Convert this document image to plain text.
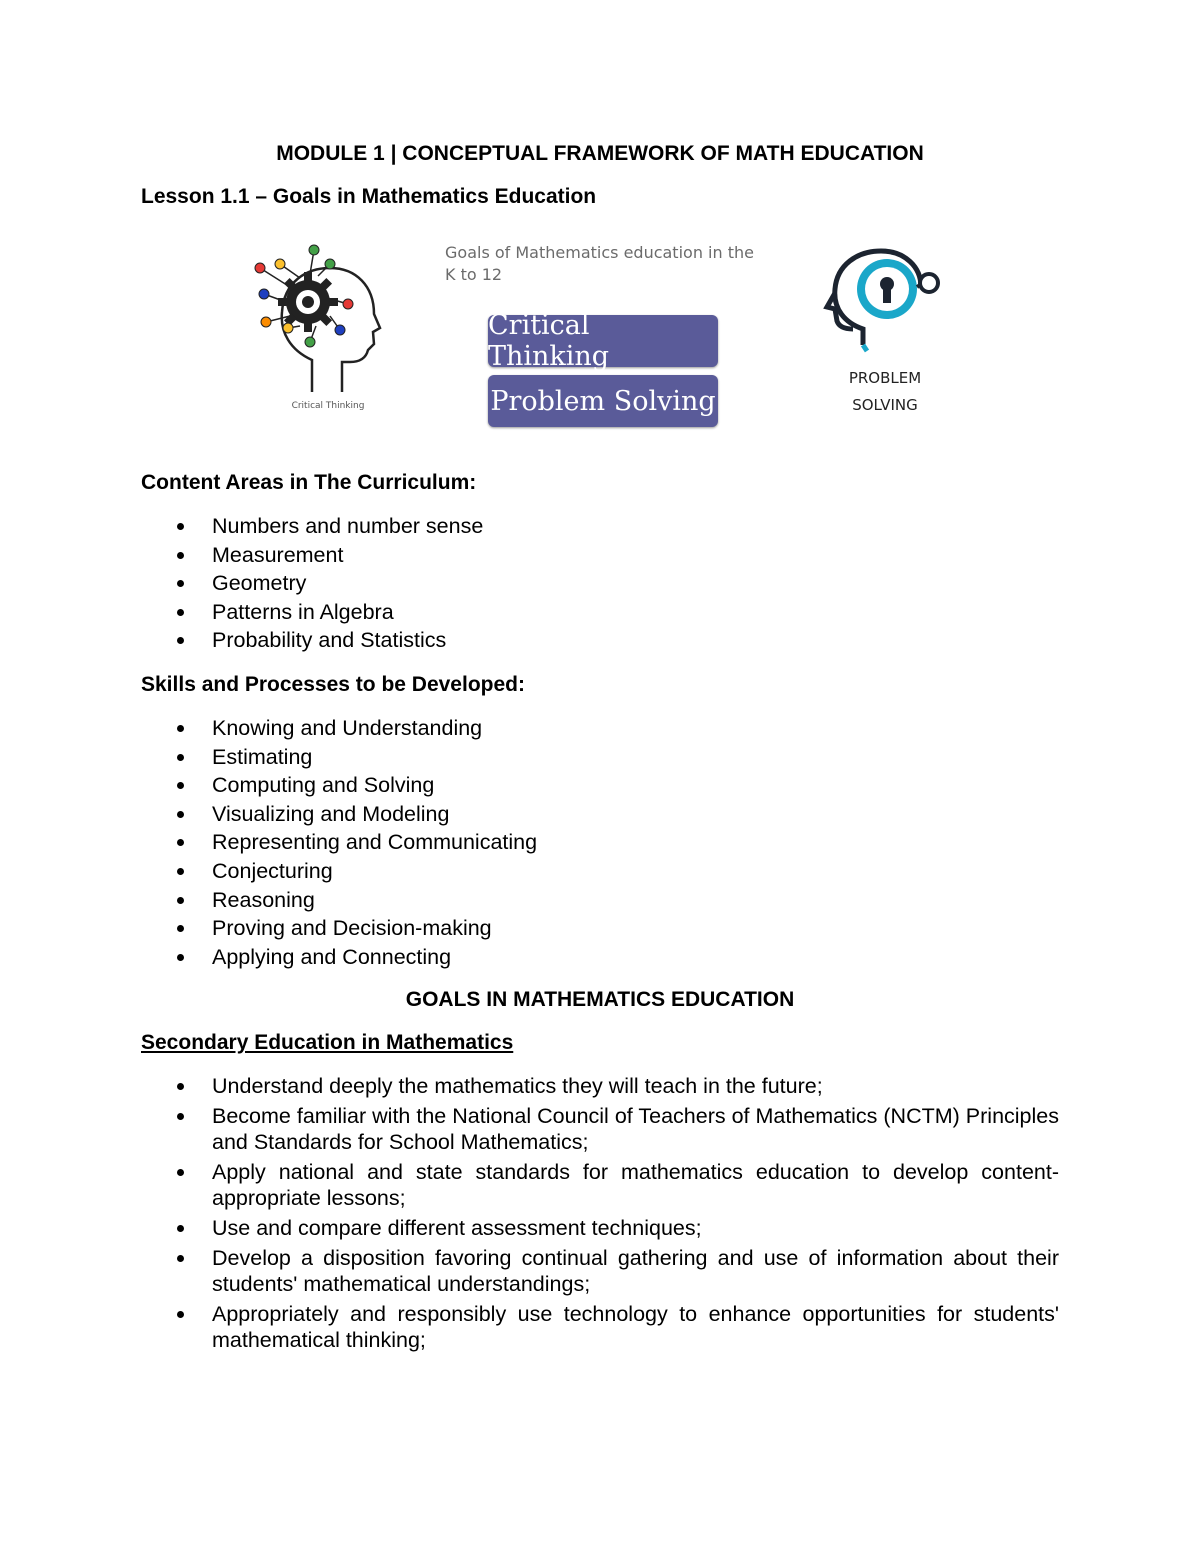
MODULE 1 | CONCEPTUAL FRAMEWORK OF MATH EDUCATION
Lesson 1.1 – Goals in Mathematics Education
Critical Thinking

Goals of Mathematics education in the K to 12

Critical Thinking
Problem Solving
PROBLEM
SOLVING
Content Areas in The Curriculum:
Numbers and number sense
Measurement
Geometry
Patterns in Algebra
Probability and Statistics
Skills and Processes to be Developed:
Knowing and Understanding
Estimating
Computing and Solving
Visualizing and Modeling
Representing and Communicating
Conjecturing
Reasoning
Proving and Decision-making
Applying and Connecting
GOALS IN MATHEMATICS EDUCATION
Secondary Education in Mathematics
Understand deeply the mathematics they will teach in the future;
Become familiar with the National Council of Teachers of Mathematics (NCTM) Principles and Standards for School Mathematics;
Apply national and state standards for mathematics education to develop content-appropriate lessons;
Use and compare different assessment techniques;
Develop a disposition favoring continual gathering and use of information about their students' mathematical understandings;
Appropriately and responsibly use technology to enhance opportunities for students' mathematical thinking;
